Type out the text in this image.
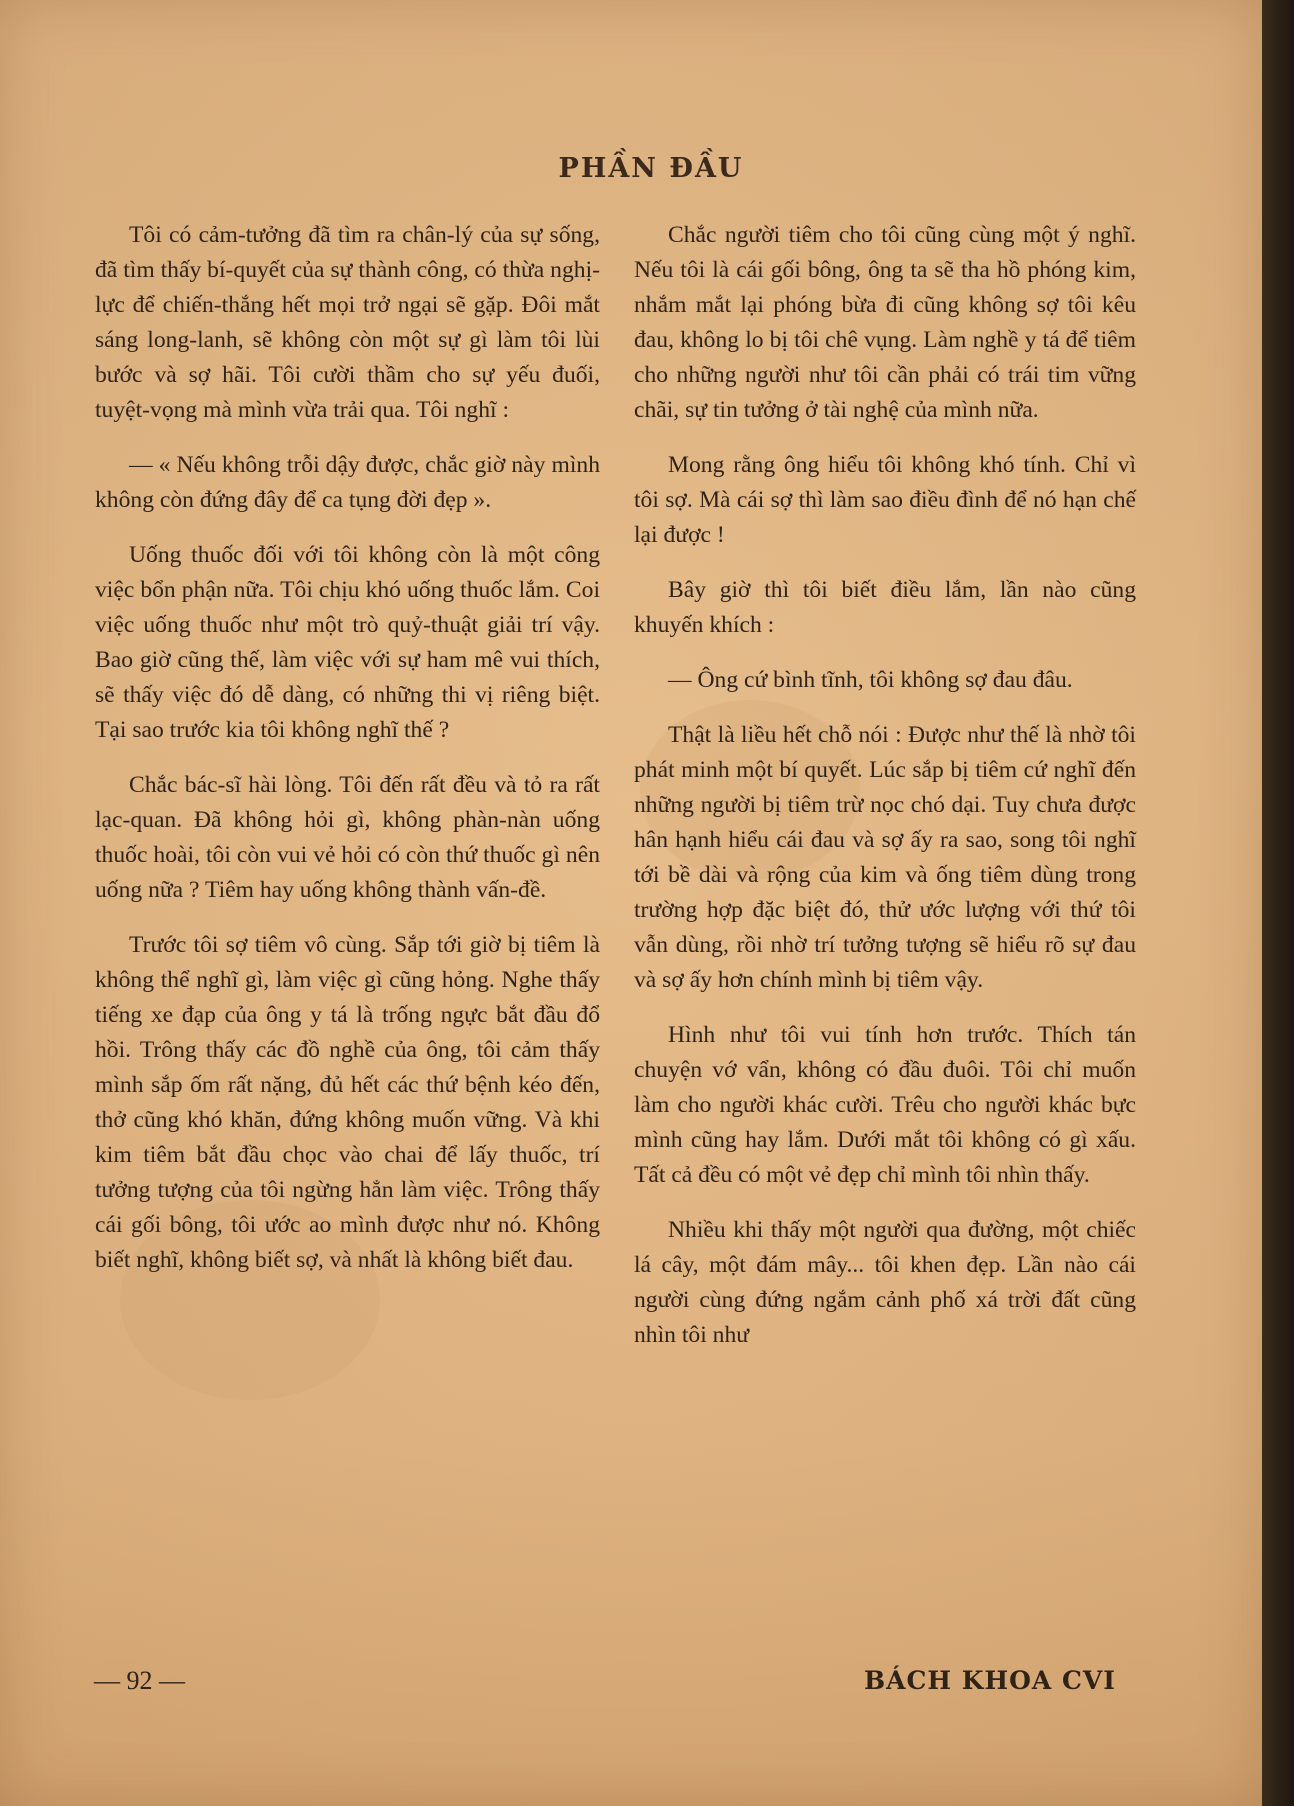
PHẦN ĐẦU

Tôi có cảm-tưởng đã tìm ra chân-lý của sự sống, đã tìm thấy bí-quyết của sự thành công, có thừa nghị-lực để chiến-thắng hết mọi trở ngại sẽ gặp. Đôi mắt sáng long-lanh, sẽ không còn một sự gì làm tôi lùi bước và sợ hãi. Tôi cười thầm cho sự yếu đuối, tuyệt-vọng mà mình vừa trải qua. Tôi nghĩ :

— « Nếu không trỗi dậy được, chắc giờ này mình không còn đứng đây để ca tụng đời đẹp ».

Uống thuốc đối với tôi không còn là một công việc bổn phận nữa. Tôi chịu khó uống thuốc lắm. Coi việc uống thuốc như một trò quỷ-thuật giải trí vậy. Bao giờ cũng thế, làm việc với sự ham mê vui thích, sẽ thấy việc đó dễ dàng, có những thi vị riêng biệt. Tại sao trước kia tôi không nghĩ thế ?

Chắc bác-sĩ hài lòng. Tôi đến rất đều và tỏ ra rất lạc-quan. Đã không hỏi gì, không phàn-nàn uống thuốc hoài, tôi còn vui vẻ hỏi có còn thứ thuốc gì nên uống nữa ? Tiêm hay uống không thành vấn-đề.

Trước tôi sợ tiêm vô cùng. Sắp tới giờ bị tiêm là không thể nghĩ gì, làm việc gì cũng hỏng. Nghe thấy tiếng xe đạp của ông y tá là trống ngực bắt đầu đổ hồi. Trông thấy các đồ nghề của ông, tôi cảm thấy mình sắp ốm rất nặng, đủ hết các thứ bệnh kéo đến, thở cũng khó khăn, đứng không muốn vững. Và khi kim tiêm bắt đầu chọc vào chai để lấy thuốc, trí tưởng tượng của tôi ngừng hẳn làm việc. Trông thấy cái gối bông, tôi ước ao mình được như nó. Không biết nghĩ, không biết sợ, và nhất là không biết đau.

Chắc người tiêm cho tôi cũng cùng một ý nghĩ. Nếu tôi là cái gối bông, ông ta sẽ tha hồ phóng kim, nhắm mắt lại phóng bừa đi cũng không sợ tôi kêu đau, không lo bị tôi chê vụng. Làm nghề y tá để tiêm cho những người như tôi cần phải có trái tim vững chãi, sự tin tưởng ở tài nghệ của mình nữa.

Mong rằng ông hiểu tôi không khó tính. Chỉ vì tôi sợ. Mà cái sợ thì làm sao điều đình để nó hạn chế lại được !

Bây giờ thì tôi biết điều lắm, lần nào cũng khuyến khích :

— Ông cứ bình tĩnh, tôi không sợ đau đâu.

Thật là liều hết chỗ nói : Được như thế là nhờ tôi phát minh một bí quyết. Lúc sắp bị tiêm cứ nghĩ đến những người bị tiêm trừ nọc chó dại. Tuy chưa được hân hạnh hiểu cái đau và sợ ấy ra sao, song tôi nghĩ tới bề dài và rộng của kim và ống tiêm dùng trong trường hợp đặc biệt đó, thử ước lượng với thứ tôi vẫn dùng, rồi nhờ trí tưởng tượng sẽ hiểu rõ sự đau và sợ ấy hơn chính mình bị tiêm vậy.

Hình như tôi vui tính hơn trước. Thích tán chuyện vớ vẩn, không có đầu đuôi. Tôi chỉ muốn làm cho người khác cười. Trêu cho người khác bực mình cũng hay lắm. Dưới mắt tôi không có gì xấu. Tất cả đều có một vẻ đẹp chỉ mình tôi nhìn thấy.

Nhiều khi thấy một người qua đường, một chiếc lá cây, một đám mây... tôi khen đẹp. Lần nào cái người cùng đứng ngắm cảnh phố xá trời đất cũng nhìn tôi như

— 92 —	BÁCH KHOA CVI
